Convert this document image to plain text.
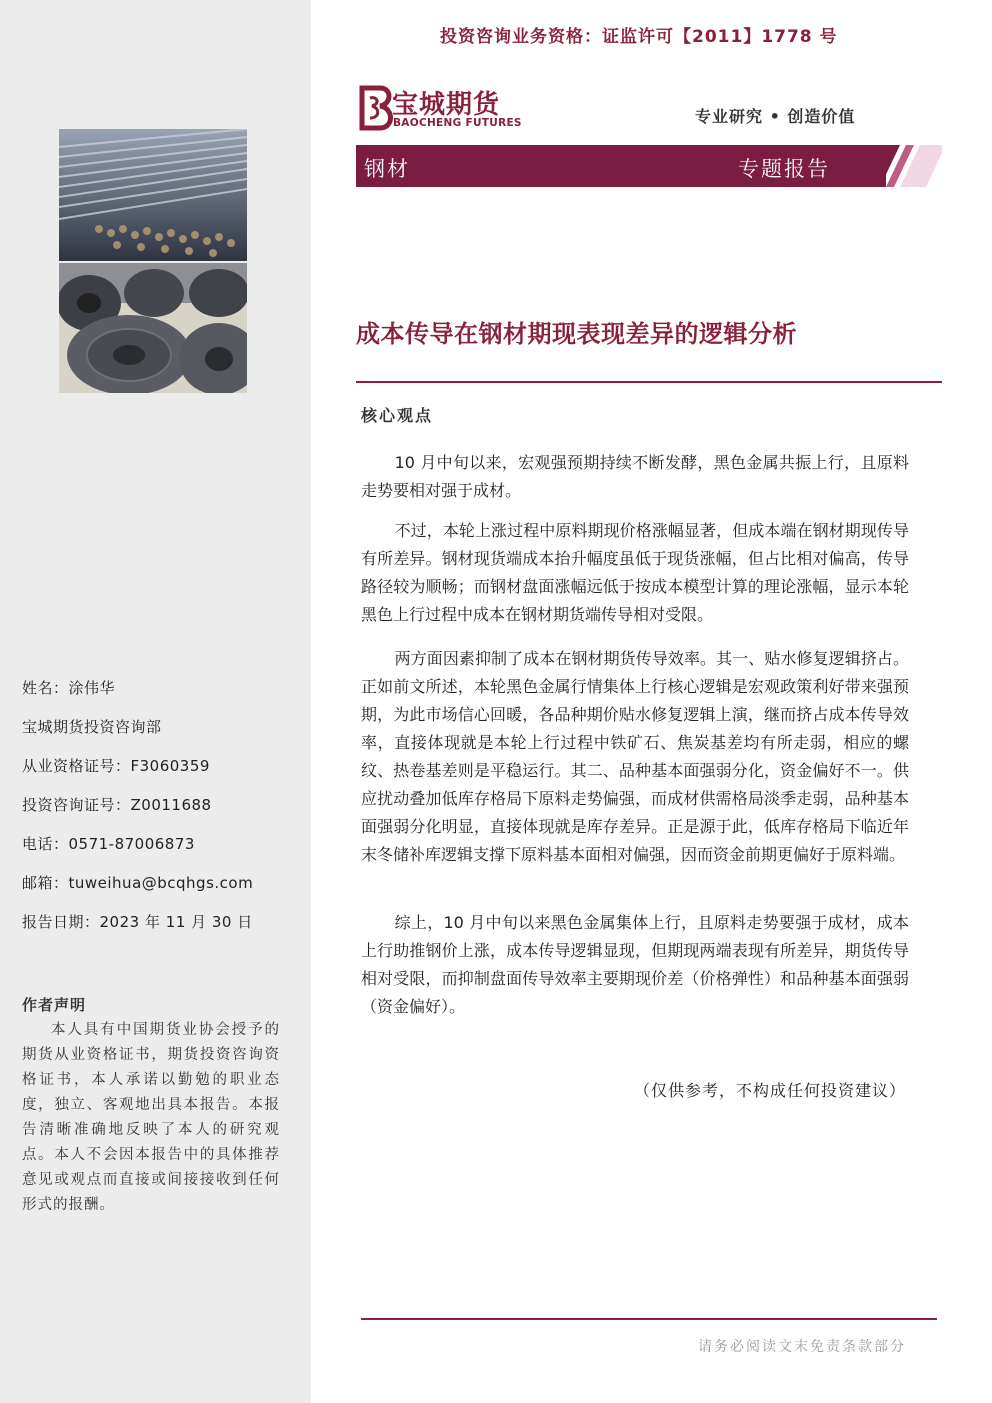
姓名：涂伟华
宝城期货投资咨询部
从业资格证号：F3060359
投资咨询证号：Z0011688
电话：0571-87006873
邮箱：tuweihua@bcqhgs.com
报告日期：2023 年 11 月 30 日
作者声明
本人具有中国期货业协会授予的期货从业资格证书，期货投资咨询资格证书，本人承诺以勤勉的职业态度，独立、客观地出具本报告。本报告清晰准确地反映了本人的研究观点。本人不会因本报告中的具体推荐意见或观点而直接或间接接收到任何形式的报酬。
投资咨询业务资格：证监许可【2011】1778 号
宝城期货
BAOCHENG FUTURES	专业研究 • 创造价值
钢材	专题报告
成本传导在钢材期现表现差异的逻辑分析
核心观点

10 月中旬以来，宏观强预期持续不断发酵，黑色金属共振上行，且原料走势要相对强于成材。

不过，本轮上涨过程中原料期现价格涨幅显著，但成本端在钢材期现传导有所差异。钢材现货端成本抬升幅度虽低于现货涨幅，但占比相对偏高，传导路径较为顺畅；而钢材盘面涨幅远低于按成本模型计算的理论涨幅，显示本轮黑色上行过程中成本在钢材期货端传导相对受限。

两方面因素抑制了成本在钢材期货传导效率。其一、贴水修复逻辑挤占。正如前文所述，本轮黑色金属行情集体上行核心逻辑是宏观政策利好带来强预期，为此市场信心回暖，各品种期价贴水修复逻辑上演，继而挤占成本传导效率，直接体现就是本轮上行过程中铁矿石、焦炭基差均有所走弱，相应的螺纹、热卷基差则是平稳运行。其二、品种基本面强弱分化，资金偏好不一。供应扰动叠加低库存格局下原料走势偏强，而成材供需格局淡季走弱，品种基本面强弱分化明显，直接体现就是库存差异。正是源于此，低库存格局下临近年末冬储补库逻辑支撑下原料基本面相对偏强，因而资金前期更偏好于原料端。

综上，10 月中旬以来黑色金属集体上行，且原料走势要强于成材，成本上行助推钢价上涨，成本传导逻辑显现，但期现两端表现有所差异，期货传导相对受限，而抑制盘面传导效率主要期现价差（价格弹性）和品种基本面强弱（资金偏好）。

（仅供参考，不构成任何投资建议）
请务必阅读文末免责条款部分
